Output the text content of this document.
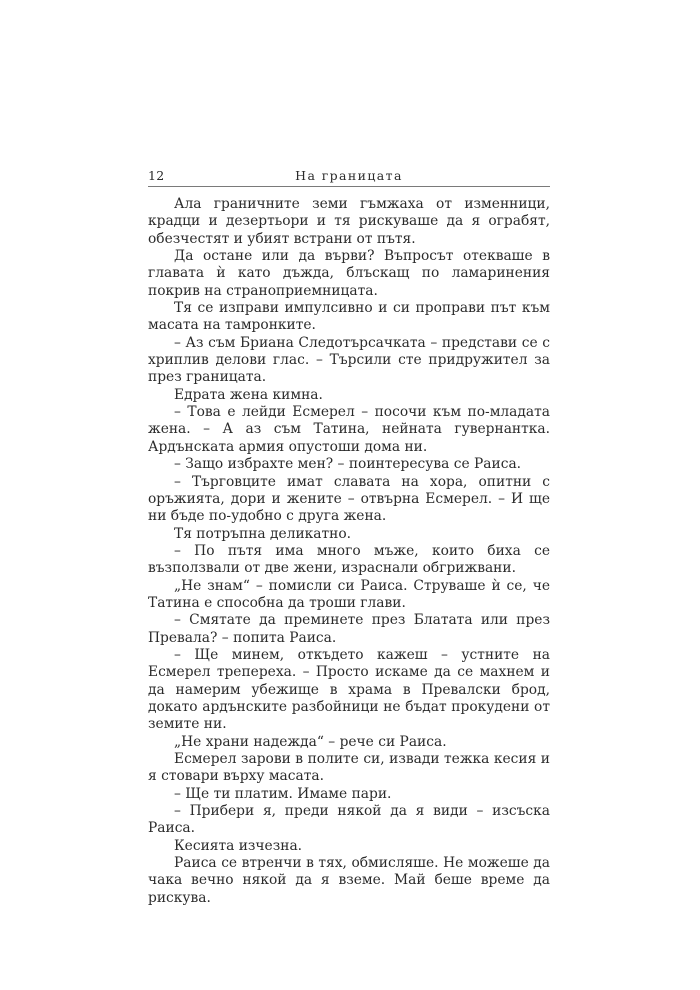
12	На границата

Ала граничните земи гъмжаха от изменници, крадци и дезертьори и тя рискуваше да я ограбят, обезчестят и убият встрани от пътя.

Да остане или да върви? Въпросът отекваше в главата ѝ като дъжда, блъскащ по ламаринения покрив на страноприемницата.

Тя се изправи импулсивно и си проправи път към масата на тамронките.

– Аз съм Бриана Следотърсачката – представи се с хриплив делови глас. – Търсили сте придружител за през границата.

Едрата жена кимна.

– Това е лейди Есмерел – посочи към по-младата жена. – А аз съм Татина, нейната гувернантка. Ардънската армия опустоши дома ни.

– Защо избрахте мен? – поинтересува се Раиса.

– Търговците имат славата на хора, опитни с оръжията, дори и жените – отвърна Есмерел. – И ще ни бъде по-удобно с друга жена.

Тя потръпна деликатно.

– По пътя има много мъже, които биха се възползвали от две жени, израснали обгрижвани.

„Не знам“ – помисли си Раиса. Струваше ѝ се, че Татина е способна да троши глави.

– Смятате да преминете през Блатата или през Превала? – попита Раиса.

– Ще минем, откъдето кажеш – устните на Есмерел трепереха. – Просто искаме да се махнем и да намерим убежище в храма в Превалски брод, докато ардънските разбойници не бъдат прокудени от земите ни.

„Не храни надежда“ – рече си Раиса.

Есмерел зарови в полите си, извади тежка кесия и я стовари върху масата.

– Ще ти платим. Имаме пари.

– Прибери я, преди някой да я види – изсъска Раиса.

Кесията изчезна.

Раиса се втренчи в тях, обмисляше. Не можеше да чака вечно някой да я вземе. Май беше време да рискува.
